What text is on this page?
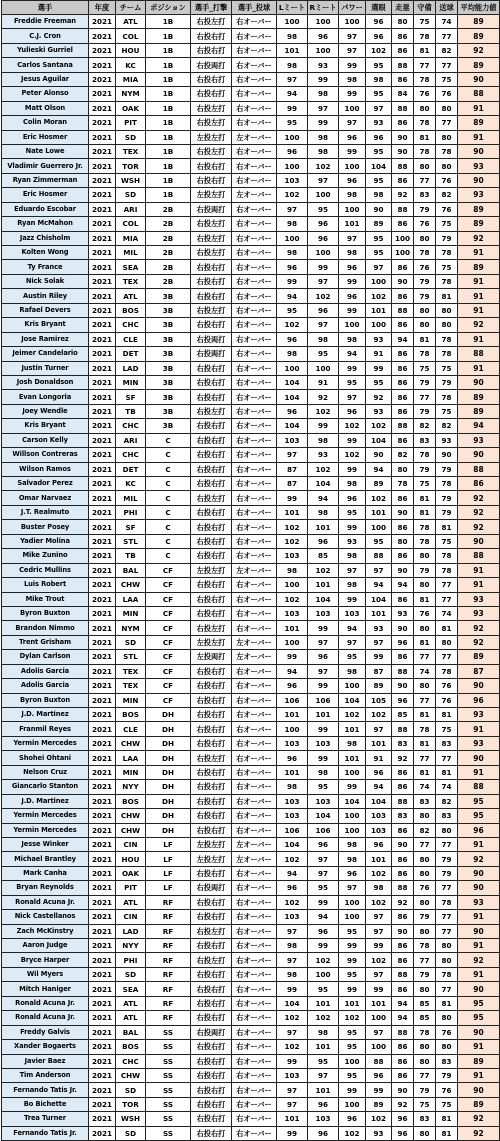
選手	年度	チーム	ポジション	選手_打撃	選手_投球	Lミート	Rミート	パワー	選眼	走塁	守備	送球	平均能力値
Freddie Freeman	2021	ATL	1B	右投左打	右オーバー	100	100	100	96	80	75	74	89
C.J. Cron	2021	COL	1B	右投右打	右オーバー	98	96	97	96	86	78	77	89
Yulieski Gurriel	2021	HOU	1B	右投右打	右オーバー	101	100	97	102	86	81	82	92
Carlos Santana	2021	KC	1B	右投両打	右オーバー	98	93	99	95	88	77	77	89
Jesus Aguilar	2021	MIA	1B	右投右打	右オーバー	97	99	98	98	86	78	75	90
Peter Alonso	2021	NYM	1B	右投右打	右オーバー	94	98	99	95	84	76	76	88
Matt Olson	2021	OAK	1B	右投左打	右オーバー	99	97	100	97	88	80	80	91
Colin Moran	2021	PIT	1B	右投左打	右オーバー	95	99	97	93	86	78	77	89
Eric Hosmer	2021	SD	1B	左投左打	左オーバー	100	98	96	96	90	81	80	91
Nate Lowe	2021	TEX	1B	右投左打	右オーバー	96	98	99	95	90	78	78	90
Vladimir Guerrero Jr.	2021	TOR	1B	右投右打	右オーバー	100	102	100	104	88	80	80	93
Ryan Zimmerman	2021	WSH	1B	右投右打	右オーバー	103	97	96	95	86	77	76	90
Eric Hosmer	2021	SD	1B	左投左打	左オーバー	102	100	98	98	92	83	82	93
Eduardo Escobar	2021	ARI	2B	右投両打	右オーバー	97	95	100	90	88	79	76	89
Ryan McMahon	2021	COL	2B	右投左打	右オーバー	98	96	101	89	86	76	75	89
Jazz Chisholm	2021	MIA	2B	右投左打	右オーバー	100	96	97	95	100	80	79	92
Kolten Wong	2021	MIL	2B	右投左打	右オーバー	98	100	98	95	100	78	78	91
Ty France	2021	SEA	2B	右投右打	右オーバー	96	99	96	97	86	76	75	89
Nick Solak	2021	TEX	2B	右投右打	右オーバー	99	97	99	100	90	79	78	91
Austin Riley	2021	ATL	3B	右投右打	右オーバー	94	102	96	102	86	79	81	91
Rafael Devers	2021	BOS	3B	右投左打	右オーバー	95	96	99	101	88	80	80	91
Kris Bryant	2021	CHC	3B	右投右打	右オーバー	102	97	100	100	86	80	80	92
Jose Ramirez	2021	CLE	3B	右投両打	右オーバー	96	98	98	93	94	81	78	91
Jeimer Candelario	2021	DET	3B	右投両打	右オーバー	98	95	94	91	86	78	78	88
Justin Turner	2021	LAD	3B	右投右打	右オーバー	100	100	99	99	86	75	75	91
Josh Donaldson	2021	MIN	3B	右投右打	右オーバー	104	91	95	95	86	79	79	90
Evan Longoria	2021	SF	3B	右投右打	右オーバー	104	92	97	92	86	77	78	89
Joey Wendle	2021	TB	3B	右投左打	右オーバー	96	102	96	93	86	79	75	89
Kris Bryant	2021	CHC	3B	右投右打	右オーバー	104	99	102	102	88	82	82	94
Carson Kelly	2021	ARI	C	右投右打	右オーバー	103	98	99	104	86	83	93	93
Willson Contreras	2021	CHC	C	右投右打	右オーバー	97	93	102	90	82	78	90	90
Wilson Ramos	2021	DET	C	右投右打	右オーバー	87	102	99	94	80	79	79	88
Salvador Perez	2021	KC	C	右投右打	右オーバー	87	104	98	89	78	75	78	86
Omar Narvaez	2021	MIL	C	右投左打	右オーバー	99	94	96	102	86	81	79	92
J.T. Realmuto	2021	PHI	C	右投右打	右オーバー	101	98	95	101	90	81	79	92
Buster Posey	2021	SF	C	右投右打	右オーバー	102	101	99	100	86	78	81	92
Yadier Molina	2021	STL	C	右投右打	右オーバー	102	96	93	95	80	78	75	90
Mike Zunino	2021	TB	C	右投右打	右オーバー	103	85	98	88	86	80	78	88
Cedric Mullins	2021	BAL	CF	左投左打	左オーバー	98	102	97	97	90	79	78	91
Luis Robert	2021	CHW	CF	右投右打	右オーバー	100	101	98	94	94	80	77	91
Mike Trout	2021	LAA	CF	右投右打	右オーバー	102	104	99	104	86	81	77	93
Byron Buxton	2021	MIN	CF	右投右打	右オーバー	103	103	103	101	93	76	74	93
Brandon Nimmo	2021	NYM	CF	右投左打	右オーバー	101	99	94	93	90	80	81	92
Trent Grisham	2021	SD	CF	左投左打	左オーバー	100	97	97	97	96	81	80	92
Dylan Carlson	2021	STL	CF	左投両打	左オーバー	99	96	95	99	86	77	77	89
Adolis Garcia	2021	TEX	CF	右投右打	右オーバー	94	97	98	87	88	74	78	87
Adolis Garcia	2021	TEX	CF	右投右打	右オーバー	96	99	100	89	90	80	76	90
Byron Buxton	2021	MIN	CF	右投右打	右オーバー	106	106	104	105	96	77	76	96
J.D. Martinez	2021	BOS	DH	右投右打	右オーバー	101	101	102	102	85	81	81	93
Franmil Reyes	2021	CLE	DH	右投右打	右オーバー	100	99	101	97	88	78	75	91
Yermin Mercedes	2021	CHW	DH	右投右打	右オーバー	103	103	98	101	83	81	83	93
Shohei Ohtani	2021	LAA	DH	右投左打	右オーバー	96	99	101	91	92	77	77	90
Nelson Cruz	2021	MIN	DH	右投右打	右オーバー	101	98	100	96	86	81	81	91
Giancarlo Stanton	2021	NYY	DH	右投右打	右オーバー	98	95	99	94	86	74	74	88
J.D. Martinez	2021	BOS	DH	右投右打	右オーバー	103	103	104	104	88	83	82	95
Yermin Mercedes	2021	CHW	DH	右投右打	右オーバー	103	104	100	103	83	80	83	95
Yermin Mercedes	2021	CHW	DH	右投右打	右オーバー	106	106	100	103	86	82	80	96
Jesse Winker	2021	CIN	LF	左投左打	左オーバー	104	96	98	96	90	77	77	91
Michael Brantley	2021	HOU	LF	左投左打	左オーバー	102	97	98	101	86	80	79	92
Mark Canha	2021	OAK	LF	右投右打	右オーバー	94	97	96	102	86	80	79	90
Bryan Reynolds	2021	PIT	LF	右投両打	右オーバー	96	95	97	98	88	76	77	90
Ronald Acuna Jr.	2021	ATL	RF	右投右打	右オーバー	102	99	100	102	92	80	78	93
Nick Castellanos	2021	CIN	RF	右投右打	右オーバー	103	94	100	97	86	79	77	91
Zach McKinstry	2021	LAD	RF	右投左打	右オーバー	97	96	95	97	90	80	77	90
Aaron Judge	2021	NYY	RF	右投右打	右オーバー	98	99	99	99	86	78	80	91
Bryce Harper	2021	PHI	RF	右投左打	右オーバー	97	102	99	102	86	77	80	92
Wil Myers	2021	SD	RF	右投右打	右オーバー	98	100	95	97	88	79	78	91
Mitch Haniger	2021	SEA	RF	右投右打	右オーバー	99	95	99	99	86	80	77	90
Ronald Acuna Jr.	2021	ATL	RF	右投右打	右オーバー	104	101	101	101	94	85	81	95
Ronald Acuna Jr.	2021	ATL	RF	右投右打	右オーバー	102	102	102	100	94	85	80	95
Freddy Galvis	2021	BAL	SS	右投両打	右オーバー	97	98	95	97	88	78	76	90
Xander Bogaerts	2021	BOS	SS	右投右打	右オーバー	102	101	95	100	86	80	80	91
Javier Baez	2021	CHC	SS	右投右打	右オーバー	99	95	100	88	86	80	83	89
Tim Anderson	2021	CHW	SS	右投右打	右オーバー	103	97	95	96	86	77	79	91
Fernando Tatis Jr.	2021	SD	SS	右投右打	右オーバー	97	101	99	99	90	79	76	90
Bo Bichette	2021	TOR	SS	右投右打	右オーバー	97	96	100	89	92	75	75	89
Trea Turner	2021	WSH	SS	右投右打	右オーバー	101	103	96	102	96	83	81	92
Fernando Tatis Jr.	2021	SD	SS	右投右打	右オーバー	99	96	102	93	96	80	81	92
